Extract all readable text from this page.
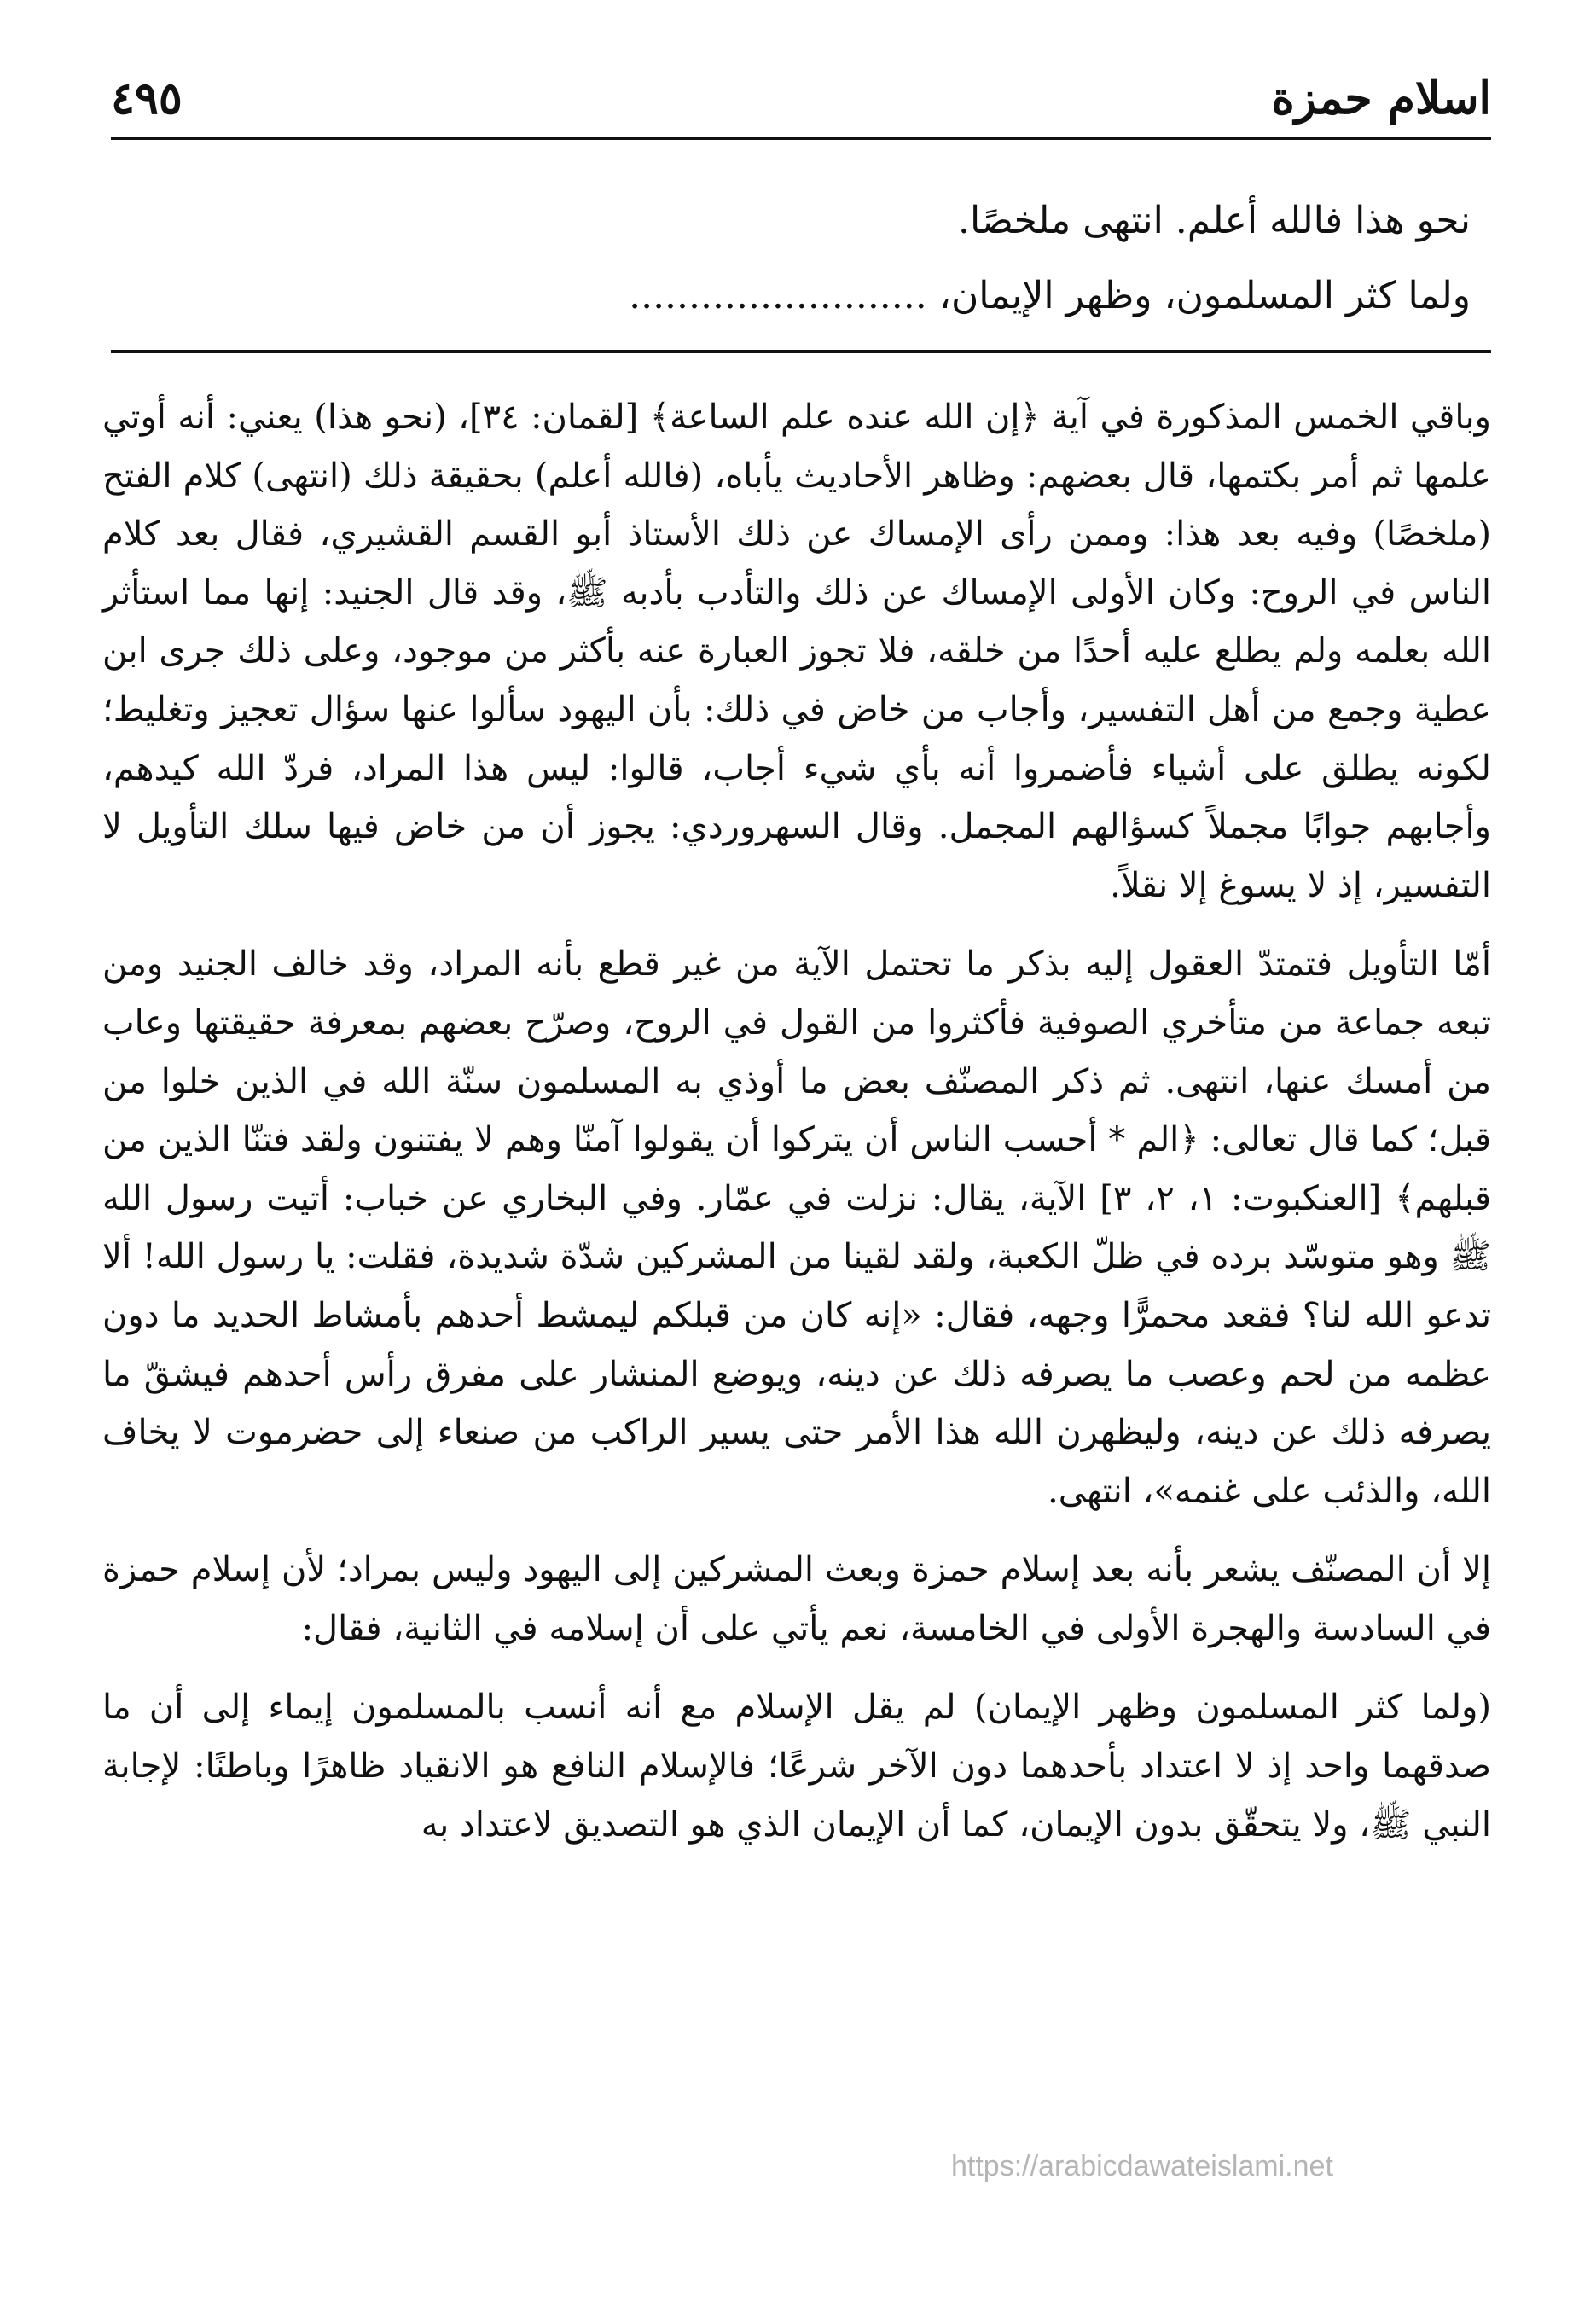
اسلام حمزة
٤٩٥

نحو هذا فالله أعلم. انتهى ملخصًا.

ولما كثر المسلمون، وظهر الإيمان، .........................

وباقي الخمس المذكورة في آية ﴿إن الله عنده علم الساعة﴾ [لقمان: ٣٤]، (نحو هذا) يعني: أنه أوتي علمها ثم أمر بكتمها، قال بعضهم: وظاهر الأحاديث يأباه، (فالله أعلم) بحقيقة ذلك (انتهى) كلام الفتح (ملخصًا) وفيه بعد هذا: وممن رأى الإمساك عن ذلك الأستاذ أبو القسم القشيري، فقال بعد كلام الناس في الروح: وكان الأولى الإمساك عن ذلك والتأدب بأدبه ﷺ، وقد قال الجنيد: إنها مما استأثر الله بعلمه ولم يطلع عليه أحدًا من خلقه، فلا تجوز العبارة عنه بأكثر من موجود، وعلى ذلك جرى ابن عطية وجمع من أهل التفسير، وأجاب من خاض في ذلك: بأن اليهود سألوا عنها سؤال تعجيز وتغليط؛ لكونه يطلق على أشياء فأضمروا أنه بأي شيء أجاب، قالوا: ليس هذا المراد، فردّ الله كيدهم، وأجابهم جوابًا مجملاً كسؤالهم المجمل. وقال السهروردي: يجوز أن من خاض فيها سلك التأويل لا التفسير، إذ لا يسوغ إلا نقلاً.

أمّا التأويل فتمتدّ العقول إليه بذكر ما تحتمل الآية من غير قطع بأنه المراد، وقد خالف الجنيد ومن تبعه جماعة من متأخري الصوفية فأكثروا من القول في الروح، وصرّح بعضهم بمعرفة حقيقتها وعاب من أمسك عنها، انتهى. ثم ذكر المصنّف بعض ما أوذي به المسلمون سنّة الله في الذين خلوا من قبل؛ كما قال تعالى: ﴿الم * أحسب الناس أن يتركوا أن يقولوا آمنّا وهم لا يفتنون ولقد فتنّا الذين من قبلهم﴾ [العنكبوت: ١، ٢، ٣] الآية، يقال: نزلت في عمّار. وفي البخاري عن خباب: أتيت رسول الله ﷺ وهو متوسّد برده في ظلّ الكعبة، ولقد لقينا من المشركين شدّة شديدة، فقلت: يا رسول الله! ألا تدعو الله لنا؟ فقعد محمرًّا وجهه، فقال: «إنه كان من قبلكم ليمشط أحدهم بأمشاط الحديد ما دون عظمه من لحم وعصب ما يصرفه ذلك عن دينه، ويوضع المنشار على مفرق رأس أحدهم فيشقّ ما يصرفه ذلك عن دينه، وليظهرن الله هذا الأمر حتى يسير الراكب من صنعاء إلى حضرموت لا يخاف الله، والذئب على غنمه»، انتهى.

إلا أن المصنّف يشعر بأنه بعد إسلام حمزة وبعث المشركين إلى اليهود وليس بمراد؛ لأن إسلام حمزة في السادسة والهجرة الأولى في الخامسة، نعم يأتي على أن إسلامه في الثانية، فقال:

(ولما كثر المسلمون وظهر الإيمان) لم يقل الإسلام مع أنه أنسب بالمسلمون إيماء إلى أن ما صدقهما واحد إذ لا اعتداد بأحدهما دون الآخر شرعًا؛ فالإسلام النافع هو الانقياد ظاهرًا وباطنًا: لإجابة النبي ﷺ، ولا يتحقّق بدون الإيمان، كما أن الإيمان الذي هو التصديق لاعتداد به

https://arabicdawateislami.net
